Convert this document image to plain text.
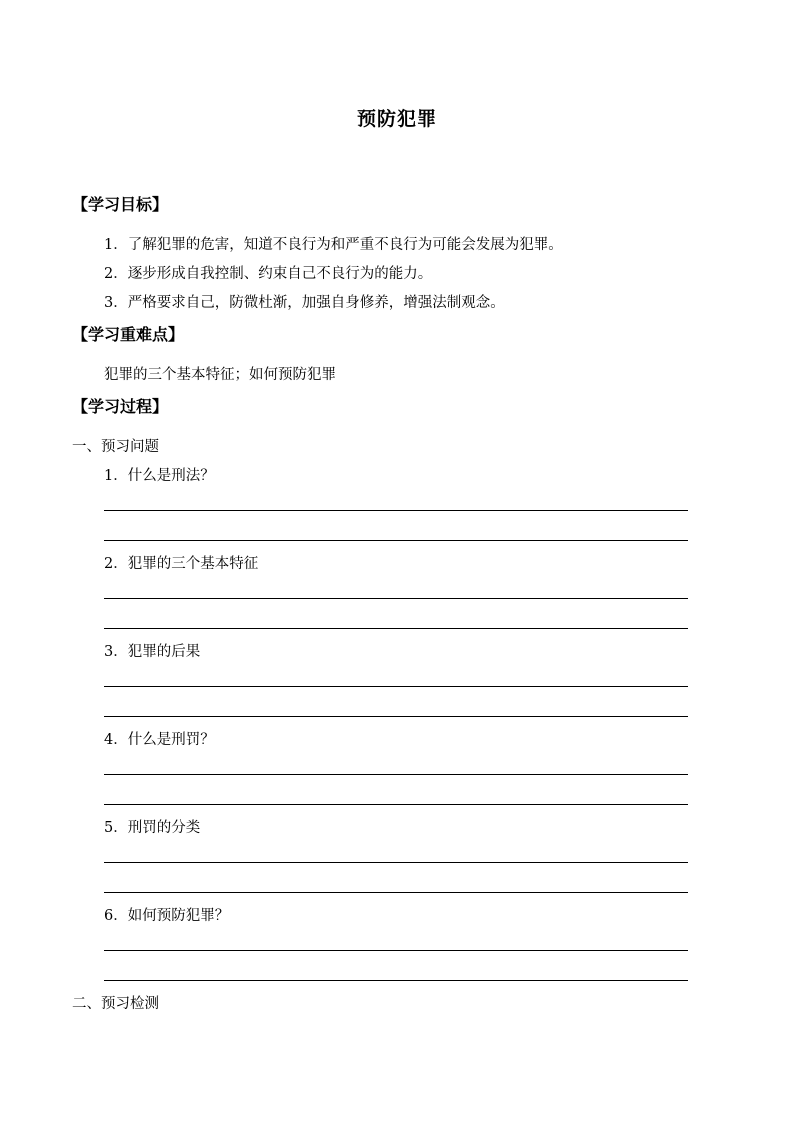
预防犯罪
【学习目标】
1．了解犯罪的危害，知道不良行为和严重不良行为可能会发展为犯罪。
2．逐步形成自我控制、约束自己不良行为的能力。
3．严格要求自己，防微杜渐，加强自身修养，增强法制观念。
【学习重难点】
犯罪的三个基本特征；如何预防犯罪
【学习过程】
一、预习问题
1．什么是刑法？
2．犯罪的三个基本特征
3．犯罪的后果
4．什么是刑罚？
5．刑罚的分类
6．如何预防犯罪？
二、预习检测
